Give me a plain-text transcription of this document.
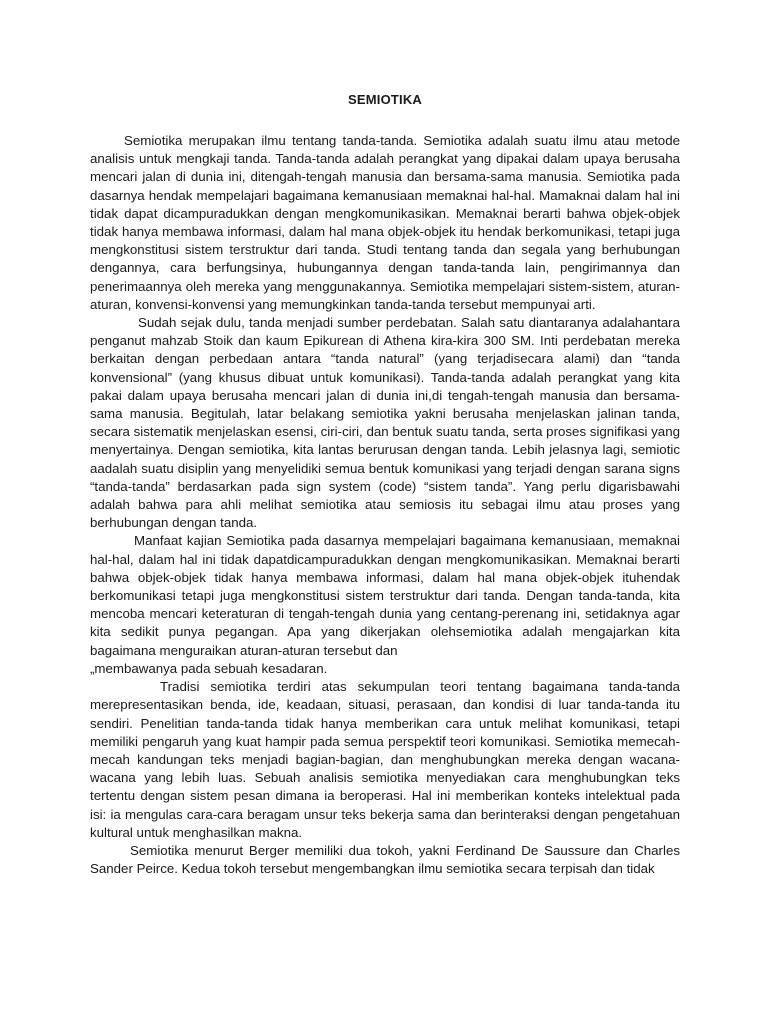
SEMIOTIKA

Semiotika merupakan ilmu tentang tanda-tanda. Semiotika adalah suatu ilmu atau metode analisis untuk mengkaji tanda. Tanda-tanda adalah perangkat yang dipakai dalam upaya berusaha mencari jalan di dunia ini, ditengah-tengah manusia dan bersama-sama manusia. Semiotika pada dasarnya hendak mempelajari bagaimana kemanusiaan memaknai hal-hal. Mamaknai dalam hal ini tidak dapat dicampuradukkan dengan mengkomunikasikan. Memaknai berarti bahwa objek-objek tidak hanya membawa informasi, dalam hal mana objek-objek itu hendak berkomunikasi, tetapi juga mengkonstitusi sistem terstruktur dari tanda. Studi tentang tanda dan segala yang berhubungan dengannya, cara berfungsinya, hubungannya dengan tanda-tanda lain, pengirimannya dan penerimaannya oleh mereka yang menggunakannya. Semiotika mempelajari sistem-sistem, aturan-aturan, konvensi-konvensi yang memungkinkan tanda-tanda tersebut mempunyai arti.

Sudah sejak dulu, tanda menjadi sumber perdebatan. Salah satu diantaranya adalahantara penganut mahzab Stoik dan kaum Epikurean di Athena kira-kira 300 SM. Inti perdebatan mereka berkaitan dengan perbedaan antara “tanda natural” (yang terjadisecara alami) dan “tanda konvensional” (yang khusus dibuat untuk komunikasi). Tanda-tanda adalah perangkat yang kita pakai dalam upaya berusaha mencari jalan di dunia ini,di tengah-tengah manusia dan bersama-sama manusia. Begitulah, latar belakang semiotika yakni berusaha menjelaskan jalinan tanda, secara sistematik menjelaskan esensi, ciri-ciri, dan bentuk suatu tanda, serta proses signifikasi yang menyertainya. Dengan semiotika, kita lantas berurusan dengan tanda. Lebih jelasnya lagi, semiotic aadalah suatu disiplin yang menyelidiki semua bentuk komunikasi yang terjadi dengan sarana signs “tanda-tanda” berdasarkan pada sign system (code) “sistem tanda”. Yang perlu digarisbawahi adalah bahwa para ahli melihat semiotika atau semiosis itu sebagai ilmu atau proses yang berhubungan dengan tanda.

Manfaat kajian Semiotika pada dasarnya mempelajari bagaimana kemanusiaan, memaknai hal-hal, dalam hal ini tidak dapatdicampuradukkan dengan mengkomunikasikan. Memaknai berarti bahwa objek-objek tidak hanya membawa informasi, dalam hal mana objek-objek ituhendak berkomunikasi tetapi juga mengkonstitusi sistem terstruktur dari tanda. Dengan tanda-tanda, kita mencoba mencari keteraturan di tengah-tengah dunia yang centang-perenang ini, setidaknya agar kita sedikit punya pegangan. Apa yang dikerjakan olehsemiotika adalah mengajarkan kita bagaimana menguraikan aturan-aturan tersebut dan

„membawanya pada sebuah kesadaran.

Tradisi semiotika terdiri atas sekumpulan teori tentang bagaimana tanda-tanda merepresentasikan benda, ide, keadaan, situasi, perasaan, dan kondisi di luar tanda-tanda itu sendiri. Penelitian tanda-tanda tidak hanya memberikan cara untuk melihat komunikasi, tetapi memiliki pengaruh yang kuat hampir pada semua perspektif teori komunikasi. Semiotika memecah-mecah kandungan teks menjadi bagian-bagian, dan menghubungkan mereka dengan wacana-wacana yang lebih luas. Sebuah analisis semiotika menyediakan cara menghubungkan teks tertentu dengan sistem pesan dimana ia beroperasi. Hal ini memberikan konteks intelektual pada isi: ia mengulas cara-cara beragam unsur teks bekerja sama dan berinteraksi dengan pengetahuan kultural untuk menghasilkan makna.

Semiotika menurut Berger memiliki dua tokoh, yakni Ferdinand De Saussure dan Charles Sander Peirce. Kedua tokoh tersebut mengembangkan ilmu semiotika secara terpisah dan tidak
